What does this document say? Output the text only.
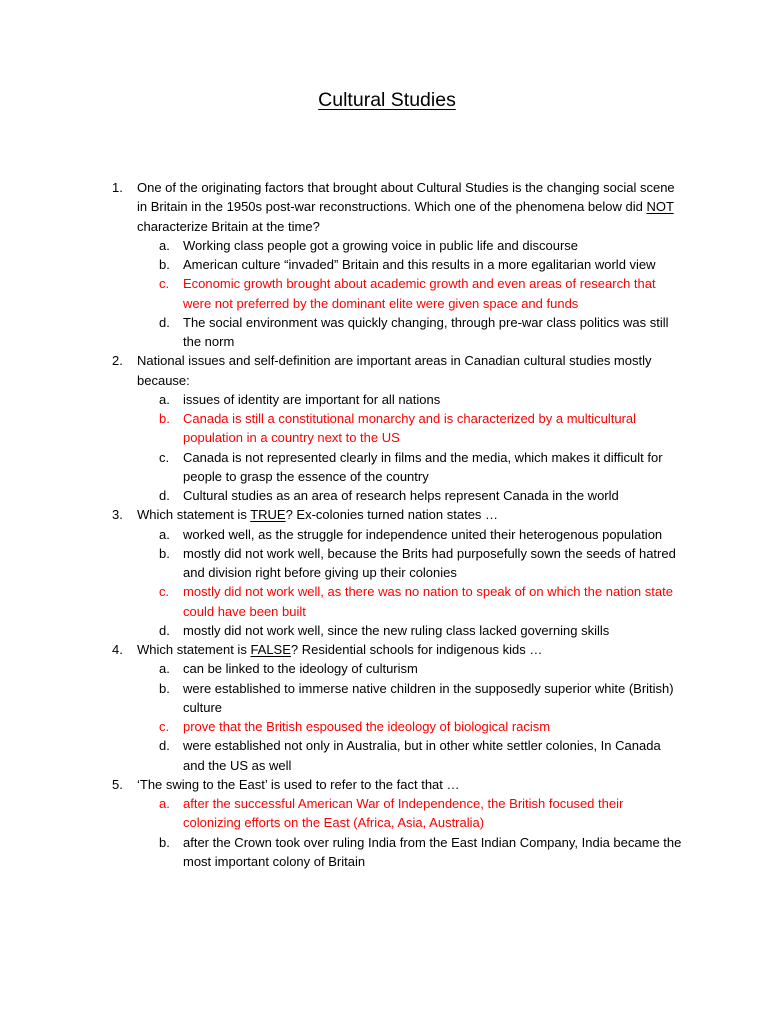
Cultural Studies
1.	One of the originating factors that brought about Cultural Studies is the changing social scene in Britain in the 1950s post-war reconstructions. Which one of the phenomena below did NOT characterize Britain at the time?
a.	Working class people got a growing voice in public life and discourse
b.	American culture “invaded” Britain and this results in a more egalitarian world view
c.	Economic growth brought about academic growth and even areas of research that were not preferred by the dominant elite were given space and funds
d.	The social environment was quickly changing, through pre-war class politics was still the norm
2.	National issues and self-definition are important areas in Canadian cultural studies mostly because:
a.	issues of identity are important for all nations
b.	Canada is still a constitutional monarchy and is characterized by a multicultural population in a country next to the US
c.	Canada is not represented clearly in films and the media, which makes it difficult for people to grasp the essence of the country
d.	Cultural studies as an area of research helps represent Canada in the world
3.	Which statement is TRUE? Ex-colonies turned nation states …
a.	worked well, as the struggle for independence united their heterogenous population
b.	mostly did not work well, because the Brits had purposefully sown the seeds of hatred and division right before giving up their colonies
c.	mostly did not work well, as there was no nation to speak of on which the nation state could have been built
d.	mostly did not work well, since the new ruling class lacked governing skills
4.	Which statement is FALSE? Residential schools for indigenous kids …
a.	can be linked to the ideology of culturism
b.	were established to immerse native children in the supposedly superior white (British) culture
c.	prove that the British espoused the ideology of biological racism
d.	were established not only in Australia, but in other white settler colonies, In Canada and the US as well
5.	‘The swing to the East’ is used to refer to the fact that …
a.	after the successful American War of Independence, the British focused their colonizing efforts on the East (Africa, Asia, Australia)
b.	after the Crown took over ruling India from the East Indian Company, India became the most important colony of Britain
